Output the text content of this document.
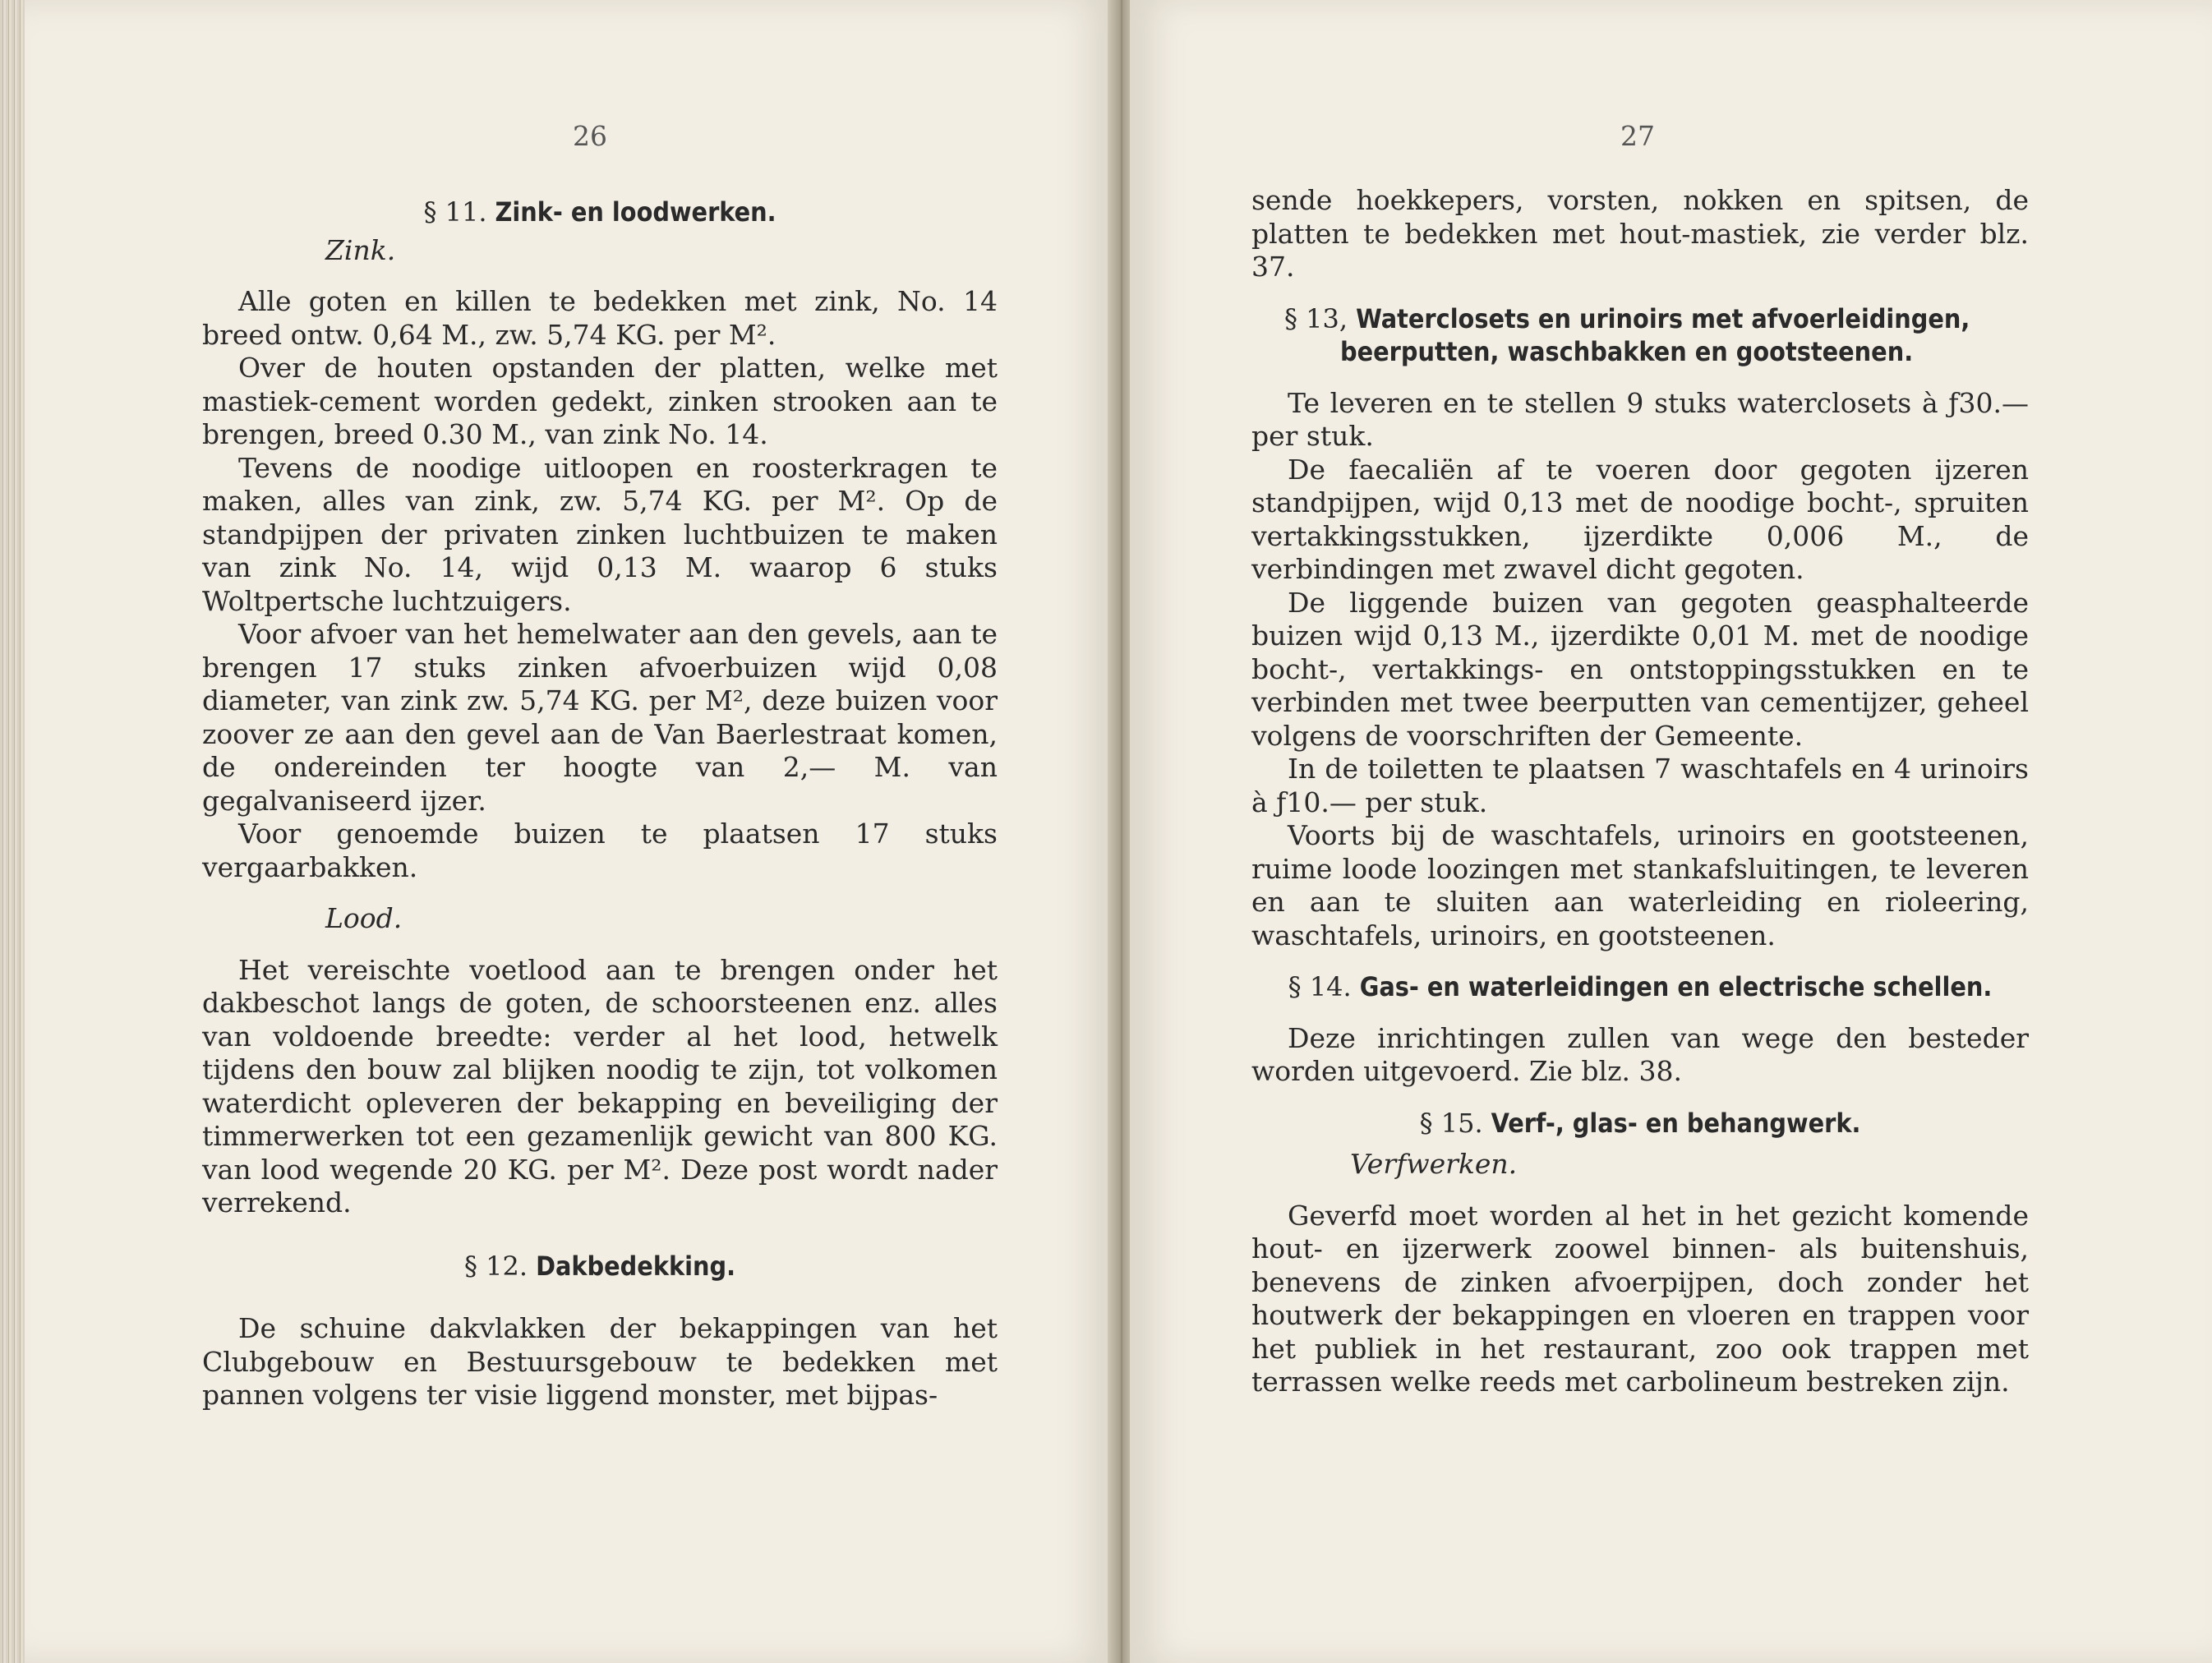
26
§ 11. Zink- en loodwerken.

Zink.

Alle goten en killen te bedekken met zink, No. 14 breed ontw. 0,64 M., zw. 5,74 KG. per M².

Over de houten opstanden der platten, welke met mastiek-cement worden gedekt, zinken strooken aan te brengen, breed 0.30 M., van zink No. 14.

Tevens de noodige uitloopen en roosterkragen te maken, alles van zink, zw. 5,74 KG. per M². Op de standpijpen der privaten zinken luchtbuizen te maken van zink No. 14, wijd 0,13 M. waarop 6 stuks Woltpertsche luchtzuigers.

Voor afvoer van het hemelwater aan den gevels, aan te brengen 17 stuks zinken afvoerbuizen wijd 0,08 diameter, van zink zw. 5,74 KG. per M², deze buizen voor zoover ze aan den gevel aan de Van Baerlestraat komen, de ondereinden ter hoogte van 2,— M. van gegalvaniseerd ijzer.

Voor genoemde buizen te plaatsen 17 stuks vergaarbakken.

Lood.

Het vereischte voetlood aan te brengen onder het dakbeschot langs de goten, de schoorsteenen enz. alles van voldoende breedte: verder al het lood, hetwelk tijdens den bouw zal blijken noodig te zijn, tot volkomen waterdicht opleveren der bekapping en beveiliging der timmerwerken tot een gezamenlijk gewicht van 800 KG. van lood wegende 20 KG. per M². Deze post wordt nader verrekend.

§ 12. Dakbedekking.

De schuine dakvlakken der bekappingen van het Clubgebouw en Bestuursgebouw te bedekken met pannen volgens ter visie liggend monster, met bijpas-

27

sende hoekkepers, vorsten, nokken en spitsen, de platten te bedekken met hout-mastiek, zie verder blz. 37.

§ 13, Waterclosets en urinoirs met afvoerleidingen,
beerputten, waschbakken en gootsteenen.

Te leveren en te stellen 9 stuks waterclosets à ƒ30.— per stuk.

De faecaliën af te voeren door gegoten ijzeren standpijpen, wijd 0,13 met de noodige bocht-, spruiten vertakkingsstukken, ijzerdikte 0,006 M., de verbindingen met zwavel dicht gegoten.

De liggende buizen van gegoten geasphalteerde buizen wijd 0,13 M., ijzerdikte 0,01 M. met de noodige bocht-, vertakkings- en ontstoppingsstukken en te verbinden met twee beerputten van cementijzer, geheel volgens de voorschriften der Gemeente.

In de toiletten te plaatsen 7 waschtafels en 4 urinoirs à ƒ10.— per stuk.

Voorts bij de waschtafels, urinoirs en gootsteenen, ruime loode loozingen met stankafsluitingen, te leveren en aan te sluiten aan waterleiding en rioleering, waschtafels, urinoirs, en gootsteenen.

§ 14. Gas- en waterleidingen en electrische schellen.

Deze inrichtingen zullen van wege den besteder worden uitgevoerd. Zie blz. 38.

§ 15. Verf-, glas- en behangwerk.

Verfwerken.

Geverfd moet worden al het in het gezicht komende hout- en ijzerwerk zoowel binnen- als buitenshuis, benevens de zinken afvoerpijpen, doch zonder het houtwerk der bekappingen en vloeren en trappen voor het publiek in het restaurant, zoo ook trappen met terrassen welke reeds met carbolineum bestreken zijn.
